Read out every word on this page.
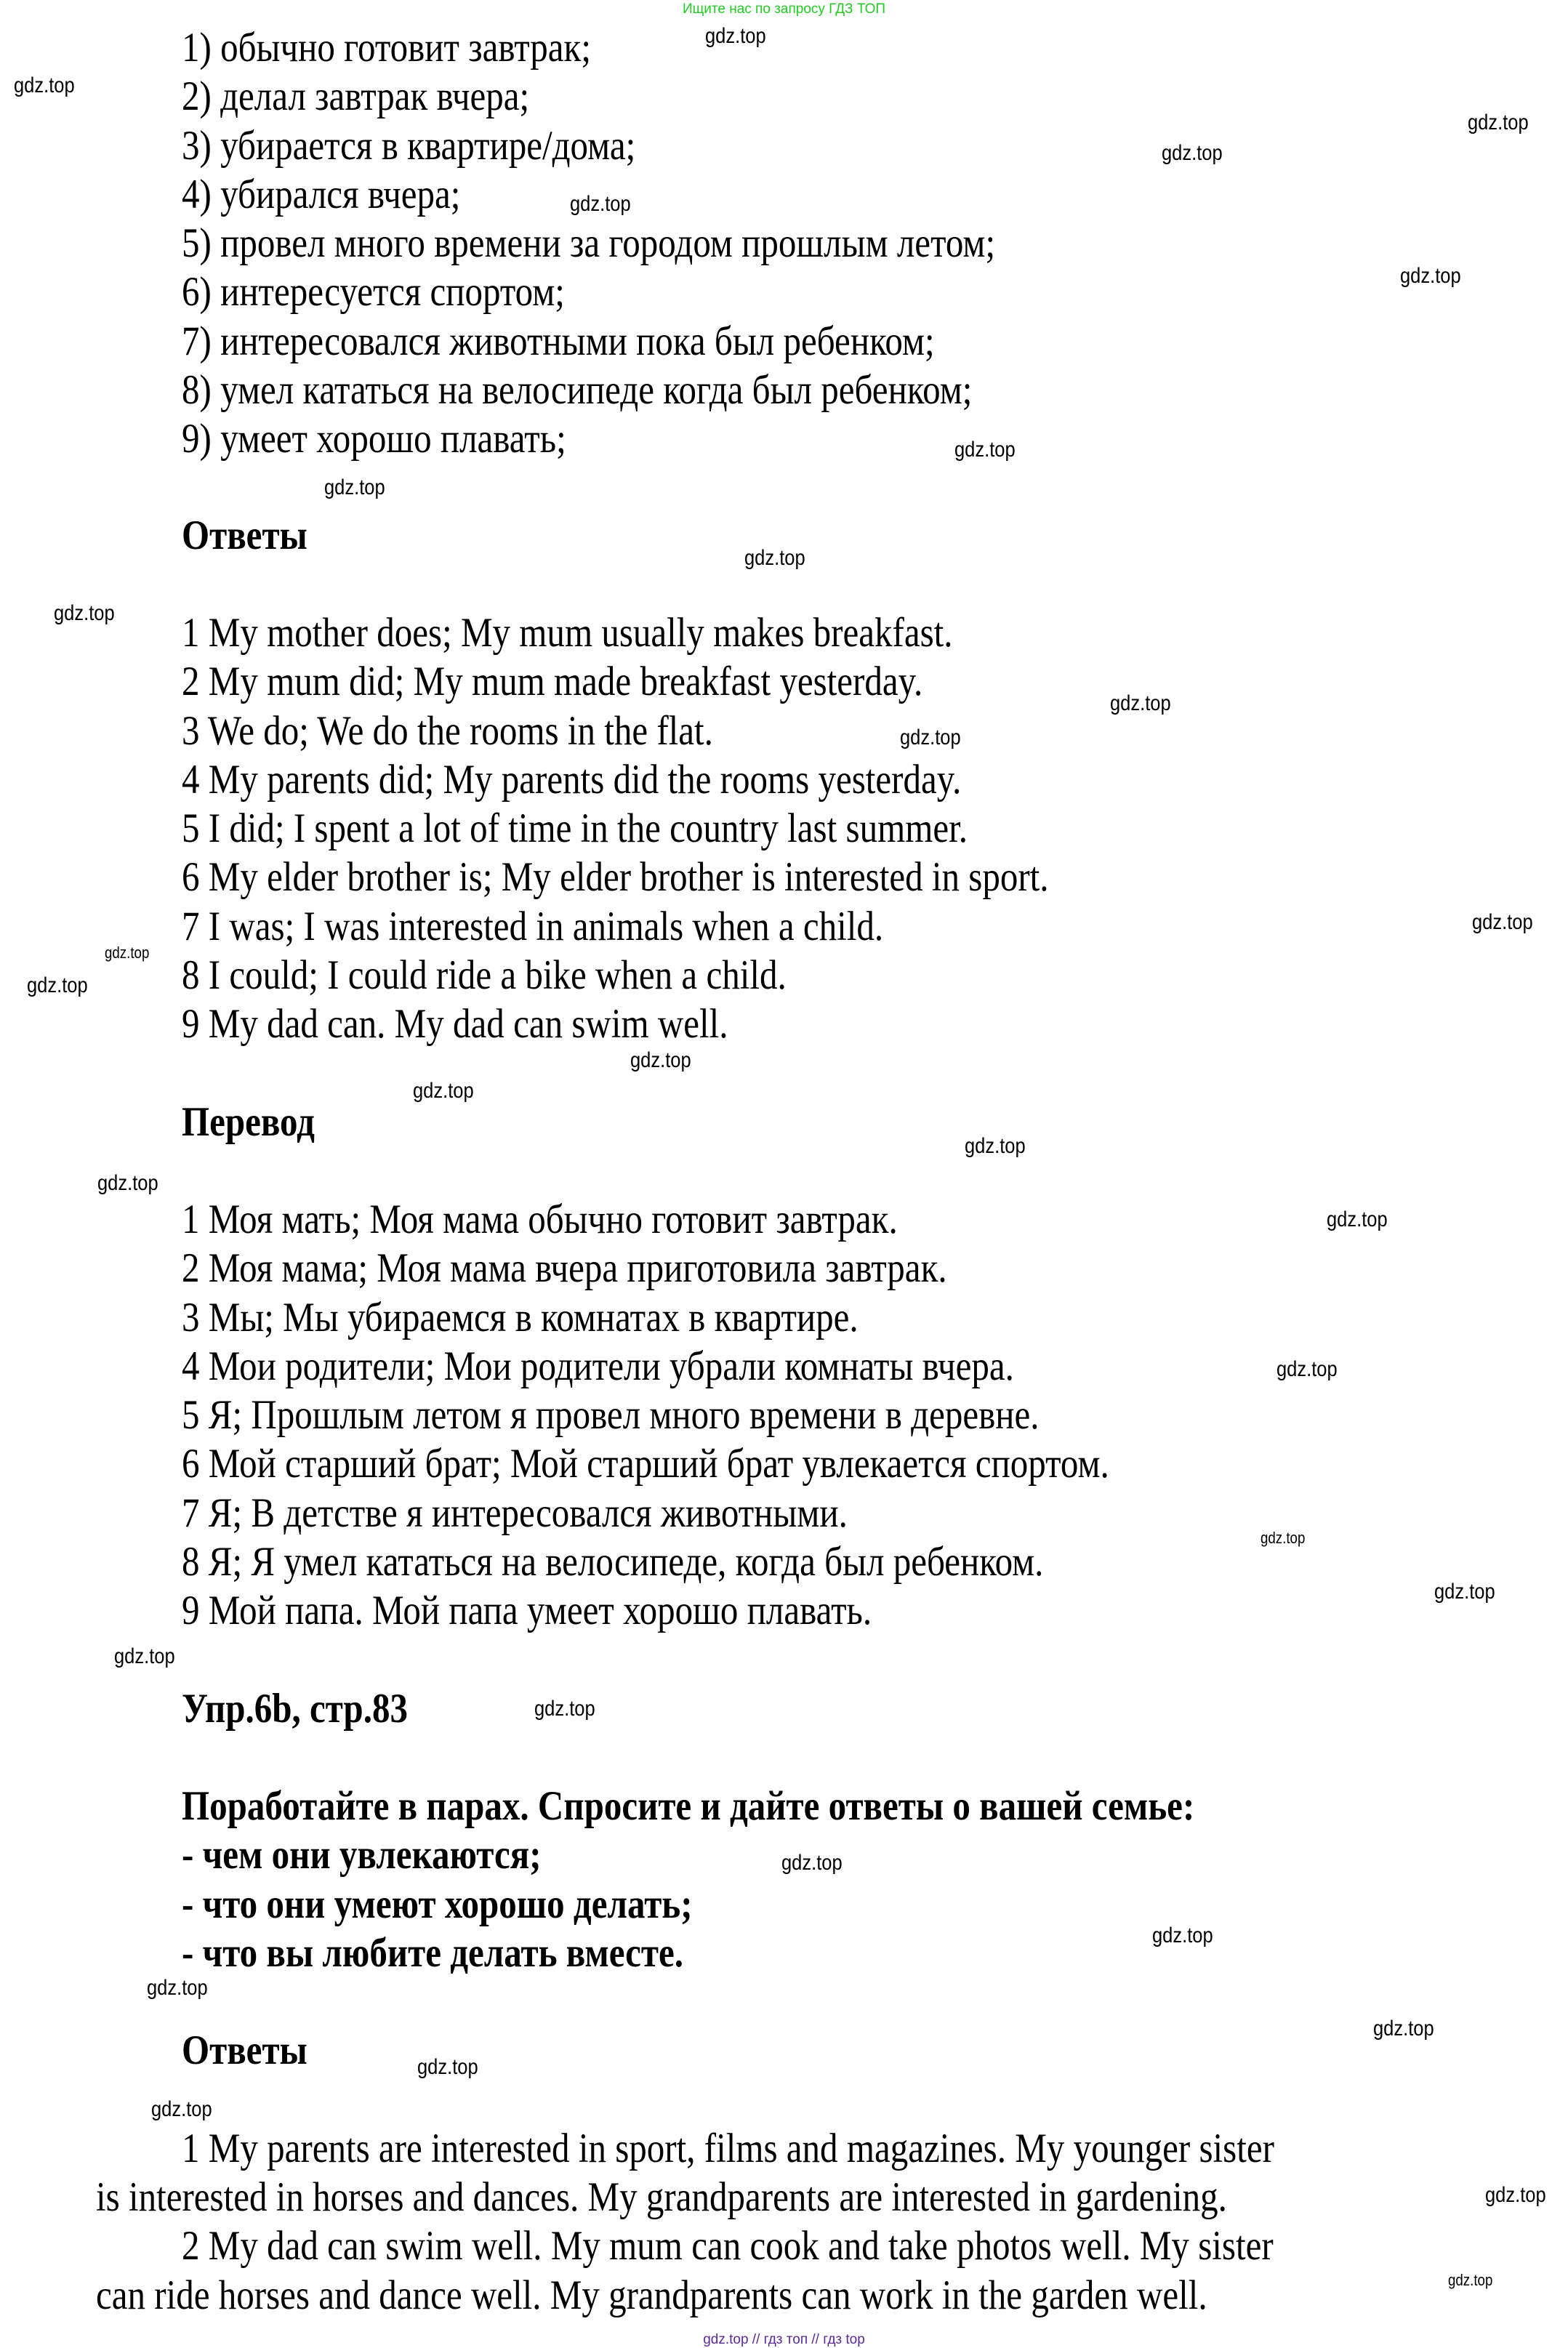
Ищите нас по запросу ГДЗ ТОП
1) обычно готовит завтрак;
2) делал завтрак вчера;
3) убирается в квартире/дома;
4) убирался вчера;
5) провел много времени за городом прошлым летом;
6) интересуется спортом;
7) интересовался животными пока был ребенком;
8) умел кататься на велосипеде когда был ребенком;
9) умеет хорошо плавать;
Ответы
1 My mother does; My mum usually makes breakfast.
2 My mum did; My mum made breakfast yesterday.
3 We do; We do the rooms in the flat.
4 My parents did; My parents did the rooms yesterday.
5 I did; I spent a lot of time in the country last summer.
6 My elder brother is; My elder brother is interested in sport.
7 I was; I was interested in animals when a child.
8 I could; I could ride a bike when a child.
9 My dad can. My dad can swim well.
Перевод
1 Моя мать; Моя мама обычно готовит завтрак.
2 Моя мама; Моя мама вчера приготовила завтрак.
3 Мы; Мы убираемся в комнатах в квартире.
4 Мои родители; Мои родители убрали комнаты вчера.
5 Я; Прошлым летом я провел много времени в деревне.
6 Мой старший брат; Мой старший брат увлекается спортом.
7 Я; В детстве я интересовался животными.
8 Я; Я умел кататься на велосипеде, когда был ребенком.
9 Мой папа. Мой папа умеет хорошо плавать.
Упр.6b, стр.83
Поработайте в парах. Спросите и дайте ответы о вашей семье:
- чем они увлекаются;
- что они умеют хорошо делать;
- что вы любите делать вместе.
Ответы
1 My parents are interested in sport, films and magazines. My younger sister
is interested in horses and dances. My grandparents are interested in gardening.
2 My dad can swim well. My mum can cook and take photos well. My sister
can ride horses and dance well. My grandparents can work in the garden well.
gdz.top
gdz.top
gdz.top
gdz.top
gdz.top
gdz.top
gdz.top
gdz.top
gdz.top
gdz.top
gdz.top
gdz.top
gdz.top
gdz.top
gdz.top
gdz.top
gdz.top
gdz.top
gdz.top
gdz.top
gdz.top
gdz.top
gdz.top
gdz.top
gdz.top
gdz.top
gdz.top
gdz.top
gdz.top
gdz.top
gdz.top
gdz.top
gdz.top
gdz.top // гдз топ // гдз top
